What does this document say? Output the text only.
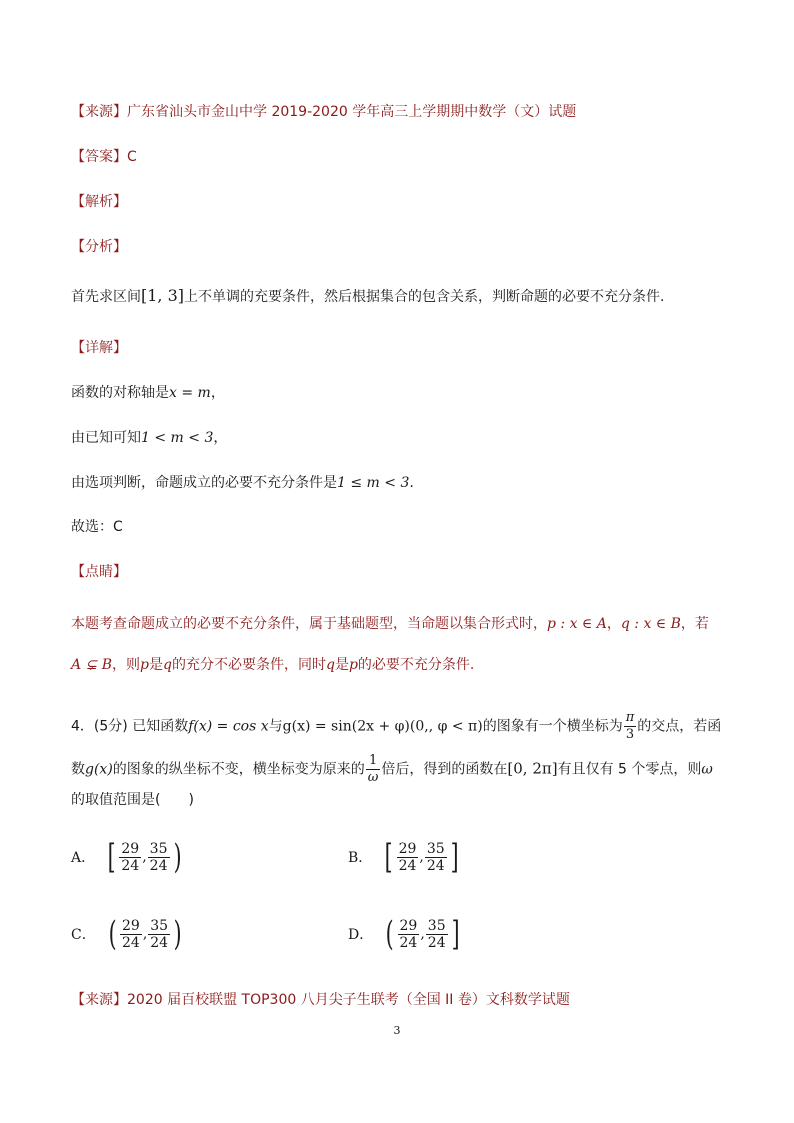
【来源】广东省汕头市金山中学 2019-2020 学年高三上学期期中数学（文）试题
【答案】C
【解析】
【分析】
首先求区间[1, 3]上不单调的充要条件，然后根据集合的包含关系，判断命题的必要不充分条件.
【详解】
函数的对称轴是x = m，
由已知可知1 < m < 3，
由选项判断，命题成立的必要不充分条件是1 ≤ m < 3.
故选：C
【点睛】
本题考查命题成立的必要不充分条件，属于基础题型，当命题以集合形式时，p : x ∈ A，q : x ∈ B，若
A ⊊ B，则p是q的充分不必要条件，同时q是p的必要不充分条件.
4．(5分) 已知函数f(x) = cos x与g(x) = sin(2x + φ)(0,, φ < π)的图象有一个横坐标为 $\frac{\pi}{3}$ 的交点，若函
数g(x)的图象的纵坐标不变，横坐标变为原来的 $\frac{1}{\omega}$ 倍后，得到的函数在[0, 2π]有且仅有 5 个零点，则ω
的取值范围是(　　)
A． [ $\frac{29}{24}$ , $\frac{35}{24}$ )	B． [ $\frac{29}{24}$ , $\frac{35}{24}$ ]
C． ( $\frac{29}{24}$ , $\frac{35}{24}$ )	D． ( $\frac{29}{24}$ , $\frac{35}{24}$ ]
【来源】2020 届百校联盟 TOP300 八月尖子生联考（全国 II 卷）文科数学试题
3
